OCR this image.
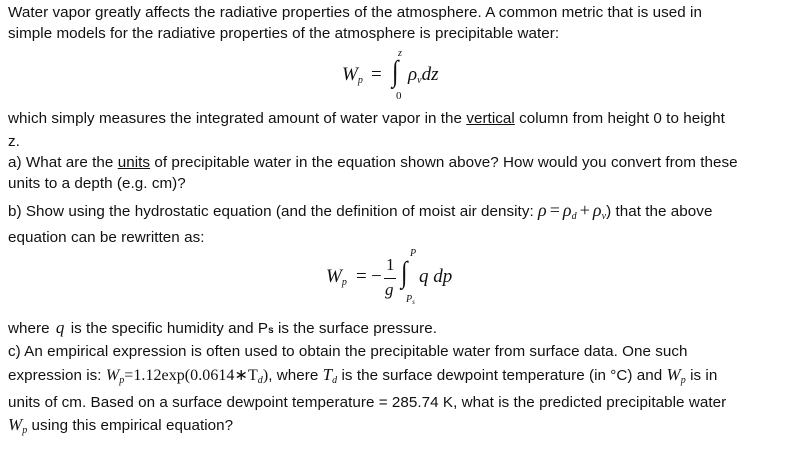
Water vapor greatly affects the radiative properties of the atmosphere. A common metric that is used in
simple models for the radiative properties of the atmosphere is precipitable water:
$W_p$ = ∫
z
0
$\rho_vdz$
which simply measures the integrated amount of water vapor in the vertical column from height 0 to height
z.
a) What are the units of precipitable water in the equation shown above? How would you convert from these
units to a depth (e.g. cm)?
b) Show using the hydrostatic equation (and the definition of moist air density: $\rho = \rho_d + \rho_v$) that the above
equation can be rewritten as:
$W_p$ = −
1
g
∫
P
$P_s$
q dp
where q is the specific humidity and Ps is the surface pressure.
c) An empirical expression is often used to obtain the precipitable water from surface data. One such
expression is: $W_p=1.12\exp(0.0614∗T_d)$, where $T_d$ is the surface dewpoint temperature (in °C) and $W_p$ is in
units of cm. Based on a surface dewpoint temperature = 285.74 K, what is the predicted precipitable water
$W_p$ using this empirical equation?
